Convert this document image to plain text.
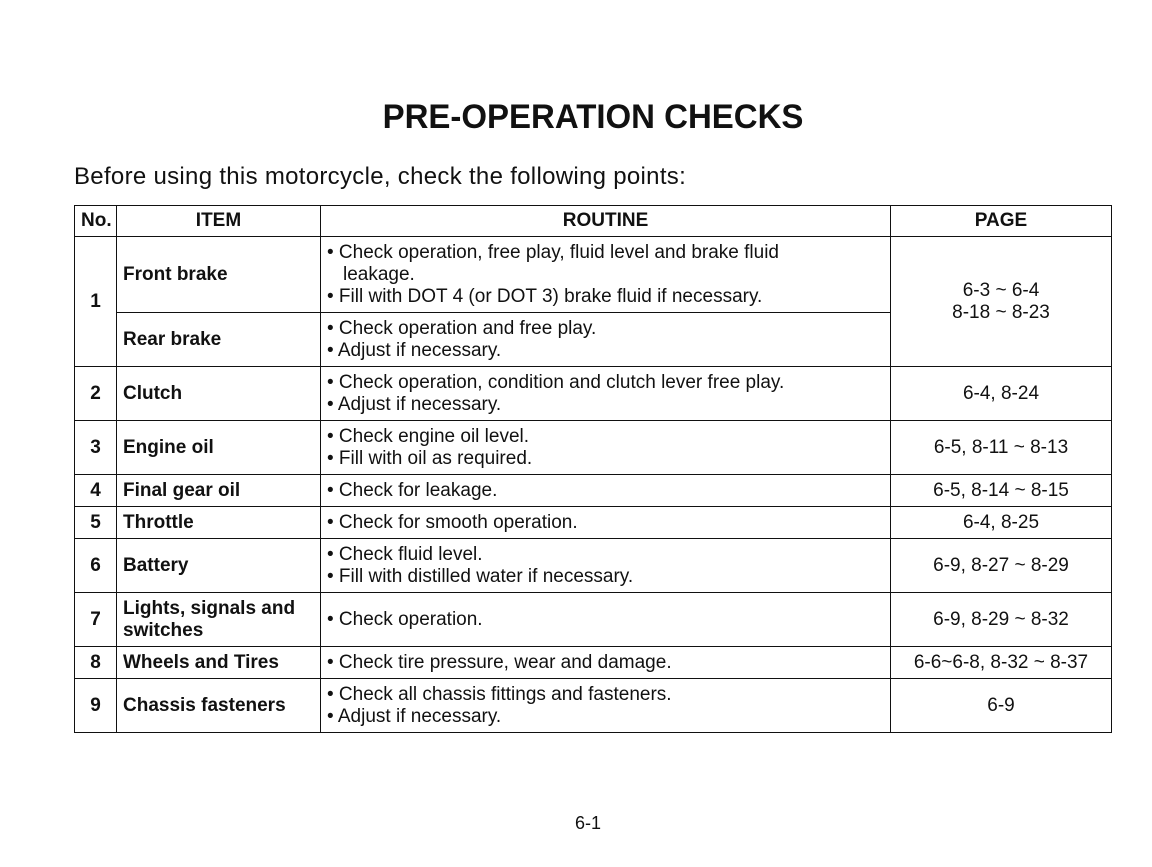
PRE-OPERATION CHECKS
Before using this motorcycle, check the following points:
No.	ITEM	ROUTINE	PAGE
1	Front brake	• Check operation, free play, fluid level and brake fluid
leakage.
• Fill with DOT 4 (or DOT 3) brake fluid if necessary.	6-3 ~ 6-4
8-18 ~ 8-23

	Rear brake	• Check operation and free play.
• Adjust if necessary.	

2	Clutch	• Check operation, condition and clutch lever free play.
• Adjust if necessary.	6-4, 8-24
3	Engine oil	• Check engine oil level.
• Fill with oil as required.	6-5, 8-11 ~ 8-13
4	Final gear oil	• Check for leakage.	6-5, 8-14 ~ 8-15
5	Throttle	• Check for smooth operation.	6-4, 8-25
6	Battery	• Check fluid level.
• Fill with distilled water if necessary.	6-9, 8-27 ~ 8-29
7	Lights, signals and
switches	• Check operation.	6-9, 8-29 ~ 8-32
8	Wheels and Tires	• Check tire pressure, wear and damage.	6-6~6-8, 8-32 ~ 8-37
9	Chassis fasteners	• Check all chassis fittings and fasteners.
• Adjust if necessary.	6-9
6-1
